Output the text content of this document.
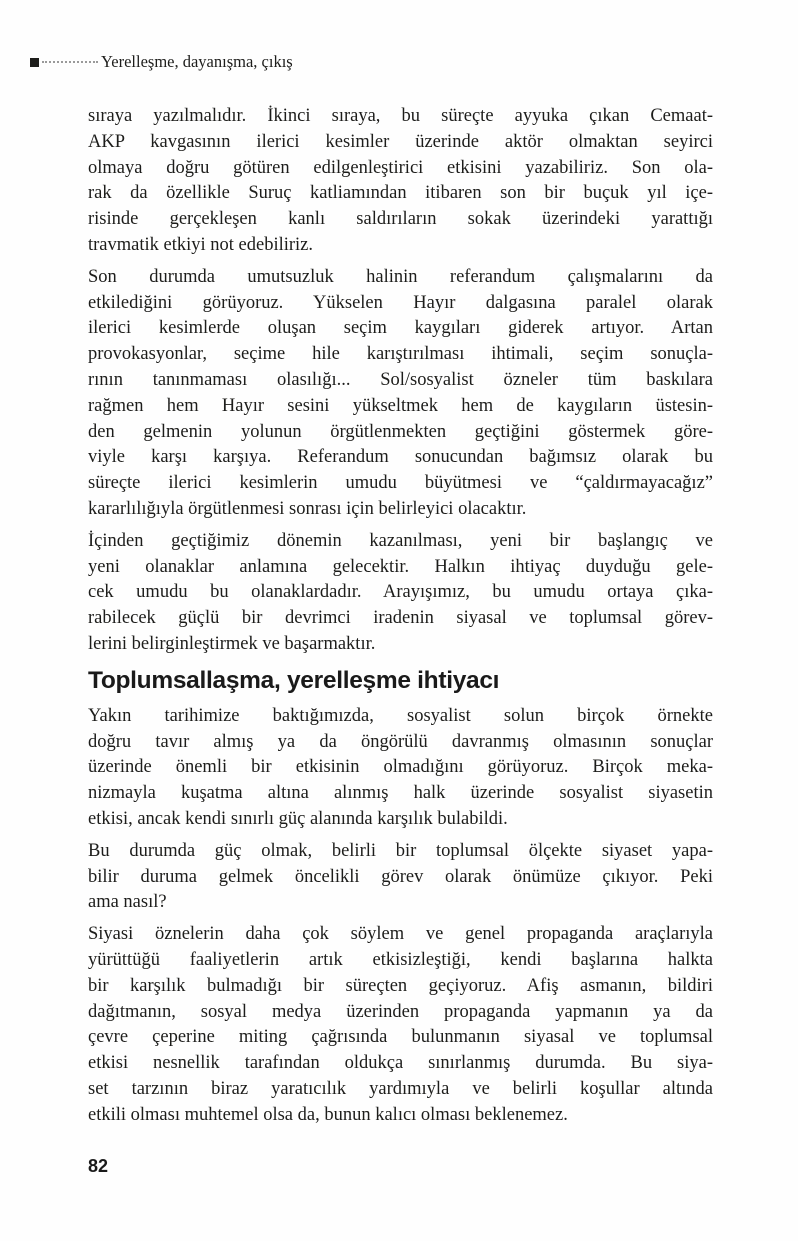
Yerelleşme, dayanışma, çıkış
sıraya yazılmalıdır. İkinci sıraya, bu süreçte ayyuka çıkan Cemaat-
AKP kavgasının ilerici kesimler üzerinde aktör olmaktan seyirci
olmaya doğru götüren edilgenleştirici etkisini yazabiliriz. Son ola-
rak da özellikle Suruç katliamından itibaren son bir buçuk yıl içe-
risinde gerçekleşen kanlı saldırıların sokak üzerindeki yarattığı
travmatik etkiyi not edebiliriz.
Son durumda umutsuzluk halinin referandum çalışmalarını da
etkilediğini görüyoruz. Yükselen Hayır dalgasına paralel olarak
ilerici kesimlerde oluşan seçim kaygıları giderek artıyor. Artan
provokasyonlar, seçime hile karıştırılması ihtimali, seçim sonuçla-
rının tanınmaması olasılığı... Sol/sosyalist özneler tüm baskılara
rağmen hem Hayır sesini yükseltmek hem de kaygıların üstesin-
den gelmenin yolunun örgütlenmekten geçtiğini göstermek göre-
viyle karşı karşıya. Referandum sonucundan bağımsız olarak bu
süreçte ilerici kesimlerin umudu büyütmesi ve “çaldırmayacağız”
kararlılığıyla örgütlenmesi sonrası için belirleyici olacaktır.
İçinden geçtiğimiz dönemin kazanılması, yeni bir başlangıç ve
yeni olanaklar anlamına gelecektir. Halkın ihtiyaç duyduğu gele-
cek umudu bu olanaklardadır. Arayışımız, bu umudu ortaya çıka-
rabilecek güçlü bir devrimci iradenin siyasal ve toplumsal görev-
lerini belirginleştirmek ve başarmaktır.
Toplumsallaşma, yerelleşme ihtiyacı
Yakın tarihimize baktığımızda, sosyalist solun birçok örnekte
doğru tavır almış ya da öngörülü davranmış olmasının sonuçlar
üzerinde önemli bir etkisinin olmadığını görüyoruz. Birçok meka-
nizmayla kuşatma altına alınmış halk üzerinde sosyalist siyasetin
etkisi, ancak kendi sınırlı güç alanında karşılık bulabildi.
Bu durumda güç olmak, belirli bir toplumsal ölçekte siyaset yapa-
bilir duruma gelmek öncelikli görev olarak önümüze çıkıyor. Peki
ama nasıl?
Siyasi öznelerin daha çok söylem ve genel propaganda araçlarıyla
yürüttüğü faaliyetlerin artık etkisizleştiği, kendi başlarına halkta
bir karşılık bulmadığı bir süreçten geçiyoruz. Afiş asmanın, bildiri
dağıtmanın, sosyal medya üzerinden propaganda yapmanın ya da
çevre çeperine miting çağrısında bulunmanın siyasal ve toplumsal
etkisi nesnellik tarafından oldukça sınırlanmış durumda. Bu siya-
set tarzının biraz yaratıcılık yardımıyla ve belirli koşullar altında
etkili olması muhtemel olsa da, bunun kalıcı olması beklenemez.
82
